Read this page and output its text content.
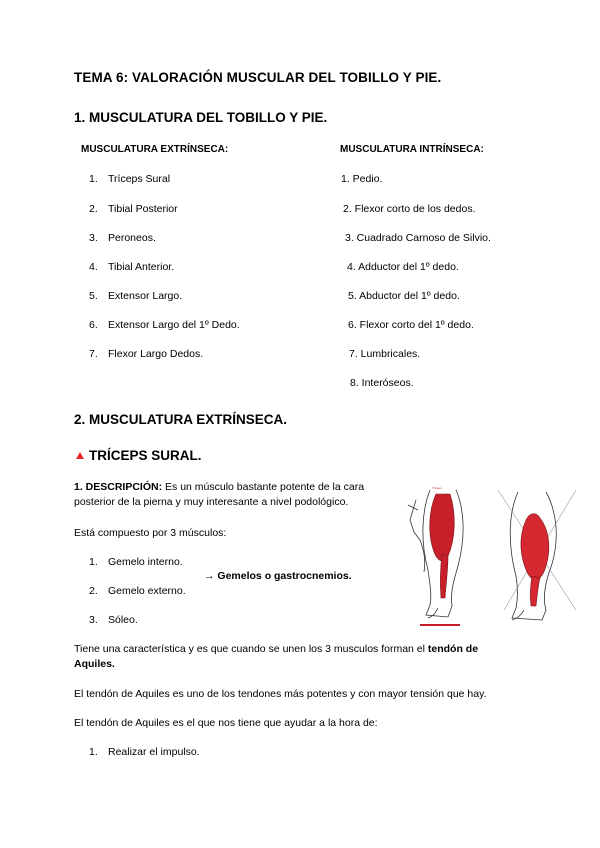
TEMA 6: VALORACIÓN MUSCULAR DEL TOBILLO Y PIE.
1. MUSCULATURA DEL TOBILLO Y PIE.
MUSCULATURA EXTRÍNSECA:	MUSCULATURA INTRÍNSECA:
1. Tríceps Sural
2. Tibial Posterior
3. Peroneos.
4. Tibial Anterior.
5. Extensor Largo.
6. Extensor Largo del 1º Dedo.
7. Flexor Largo Dedos.
1. Pedio.
2. Flexor corto de los dedos.
3. Cuadrado Carnoso de Silvio.
4. Adductor del 1º dedo.
5. Abductor del 1º dedo.
6. Flexor corto del 1º dedo.
7. Lumbricales.
8. Interóseos.
2. MUSCULATURA EXTRÍNSECA.
TRÍCEPS SURAL.
1. DESCRIPCIÓN: Es un músculo bastante potente de la cara posterior de la pierna y muy interesante a nivel podológico.
Está compuesto por 3 músculos:
1. Gemelo interno.
2. Gemelo externo.
3. Sóleo.
→ Gemelos o gastrocnemios.
Triceps
Tiene una característica y es que cuando se unen los 3 musculos forman el tendón de Aquiles.
El tendón de Aquiles es uno de los tendones más potentes y con mayor tensión que hay.
El tendón de Aquiles es el que nos tiene que ayudar a la hora de:
1. Realizar el impulso.
